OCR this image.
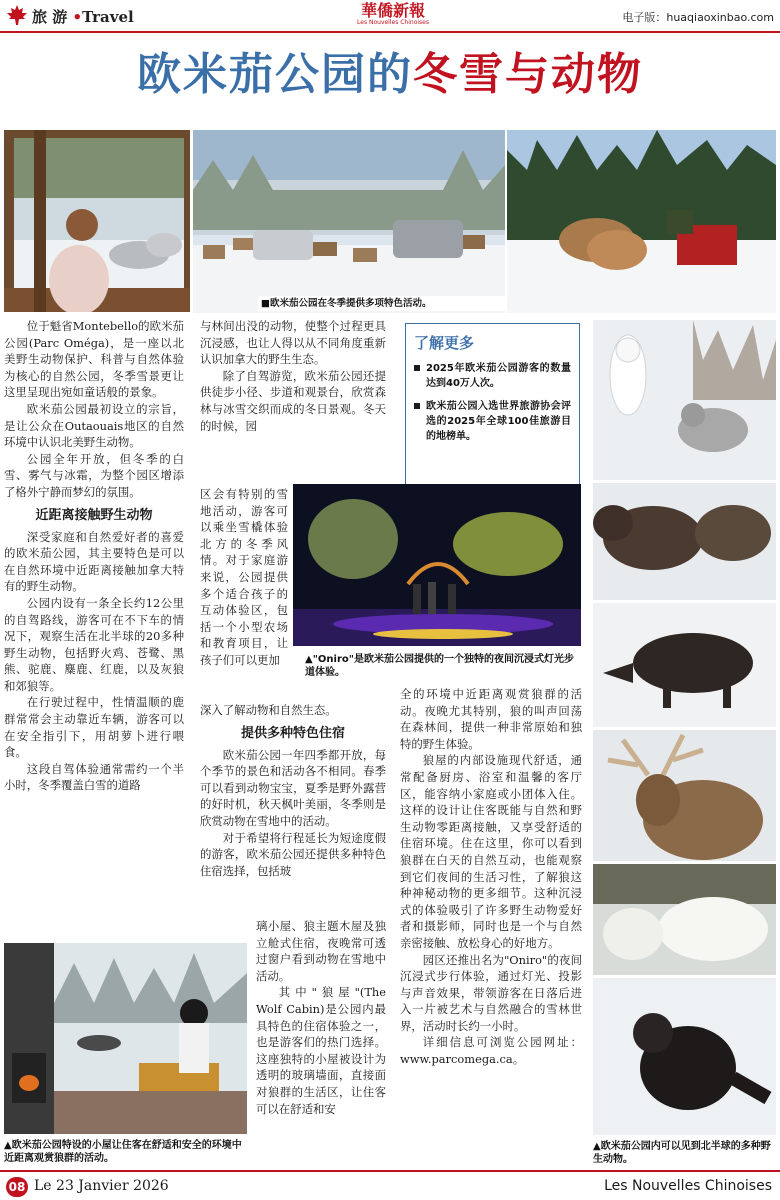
旅 游 •Travel	華僑新報
Les Nouvelles Chinoises	电子版：huaqiaoxinbao.com
欧米茄公园的冬雪与动物
■欧米茄公园在冬季提供多项特色活动。

位于魁省Montebello的欧米茄公园(Parc Oméga)，是一座以北美野生动物保护、科普与自然体验为核心的自然公园，冬季雪景更让这里呈现出宛如童话般的景象。

欧米茄公园最初设立的宗旨，是让公众在Outaouais地区的自然环境中认识北美野生动物。

公园全年开放，但冬季的白雪、雾气与冰霜，为整个园区增添了格外宁静而梦幻的氛围。

近距离接触野生动物

深受家庭和自然爱好者的喜爱的欧米茄公园，其主要特色是可以在自然环境中近距离接触加拿大特有的野生动物。

公园内设有一条全长约12公里的自驾路线，游客可在不下车的情况下，观察生活在北半球的20多种野生动物，包括野火鸡、苍鹭、黑熊、驼鹿、麋鹿、红鹿，以及灰狼和郊狼等。

在行驶过程中，性情温顺的鹿群常常会主动靠近车辆，游客可以在安全指引下，用胡萝卜进行喂食。

这段自驾体验通常需约一个半小时，冬季覆盖白雪的道路

与林间出没的动物，使整个过程更具沉浸感，也让人得以从不同角度重新认识加拿大的野生生态。

除了自驾游览，欧米茄公园还提供徒步小径、步道和观景台，欣赏森林与冰雪交织而成的冬日景观。冬天的时候，园

区会有特别的雪地活动，游客可以乘坐雪橇体验北方的冬季风情。对于家庭游来说，公园提供多个适合孩子的互动体验区，包括一个小型农场和教育项目，让孩子们可以更加
深入了解动物和自然生态。
提供多种特色住宿

欧米茄公园一年四季都开放，每个季节的景色和活动各不相同。春季可以看到动物宝宝，夏季是野外露营的好时机，秋天枫叶美丽，冬季则是欣赏动物在雪地中的活动。

对于希望将行程延长为短途度假的游客，欧米茄公园还提供多种特色住宿选择，包括玻

璃小屋、狼主题木屋及独立舱式住宿，夜晚常可透过窗户看到动物在雪地中活动。

其中"狼屋"(The Wolf Cabin)是公园内最具特色的住宿体验之一，也是游客们的热门选择。这座独特的小屋被设计为透明的玻璃墙面，直接面对狼群的生活区，让住客可以在舒适和安

全的环境中近距离观赏狼群的活动。夜晚尤其特别，狼的叫声回荡在森林间，提供一种非常原始和独特的野生体验。

狼屋的内部设施现代舒适，通常配备厨房、浴室和温馨的客厅区，能容纳小家庭或小团体入住。这样的设计让住客既能与自然和野生动物零距离接触，又享受舒适的住宿环境。住在这里，你可以看到狼群在白天的自然互动，也能观察到它们夜间的生活习性，了解狼这种神秘动物的更多细节。这种沉浸式的体验吸引了许多野生动物爱好者和摄影师，同时也是一个与自然亲密接触、放松身心的好地方。

园区还推出名为"Oniro"的夜间沉浸式步行体验，通过灯光、投影与声音效果，带领游客在日落后进入一片被艺术与自然融合的雪林世界，活动时长约一小时。

详细信息可浏览公园网址：www.parcomega.ca。

了解更多
2025年欧米茄公园游客的数量达到40万人次。
欧米茄公园入选世界旅游协会评选的2025年全球100佳旅游目的地榜单。
▲"Oniro"是欧米茄公园提供的一个独特的夜间沉浸式灯光步道体验。
▲欧米茄公园特设的小屋让住客在舒适和安全的环境中近距离观赏狼群的活动。
▲欧米茄公园内可以见到北半球的多种野生动物。
08 Le 23 Janvier 2026	Les Nouvelles Chinoises
